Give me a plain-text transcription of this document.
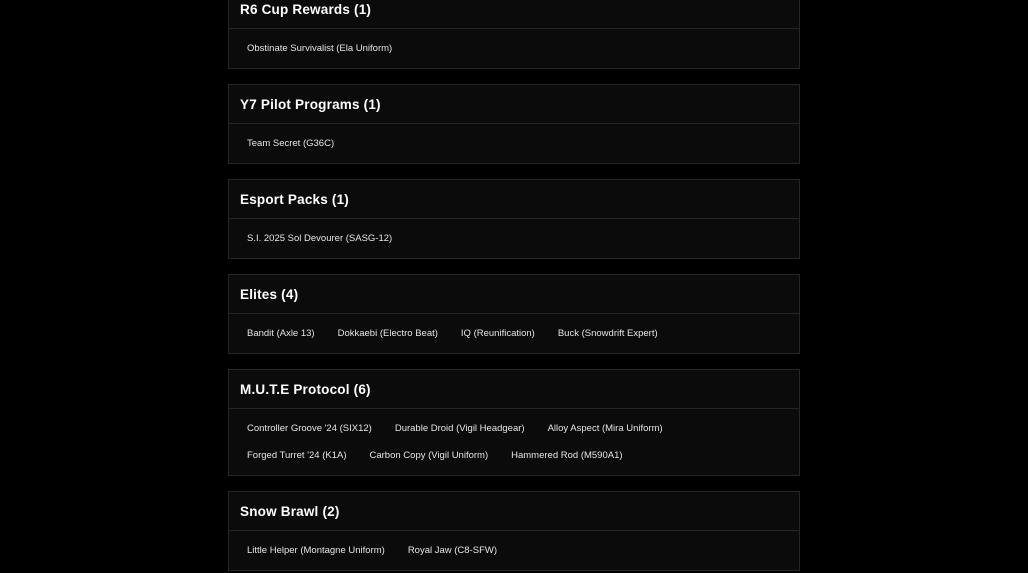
R6 Cup Rewards (1)
Obstinate Survivalist (Ela Uniform)
Y7 Pilot Programs (1)
Team Secret (G36C)
Esport Packs (1)
S.I. 2025 Sol Devourer (SASG-12)
Elites (4)
Bandit (Axle 13)	Dokkaebi (Electro Beat)	IQ (Reunification)	Buck (Snowdrift Expert)
M.U.T.E Protocol (6)
Controller Groove '24 (SIX12)	Durable Droid (Vigil Headgear)	Alloy Aspect (Mira Uniform)
Forged Turret '24 (K1A)	Carbon Copy (Vigil Uniform)	Hammered Rod (M590A1)
Snow Brawl (2)
Little Helper (Montagne Uniform)	Royal Jaw (C8-SFW)
